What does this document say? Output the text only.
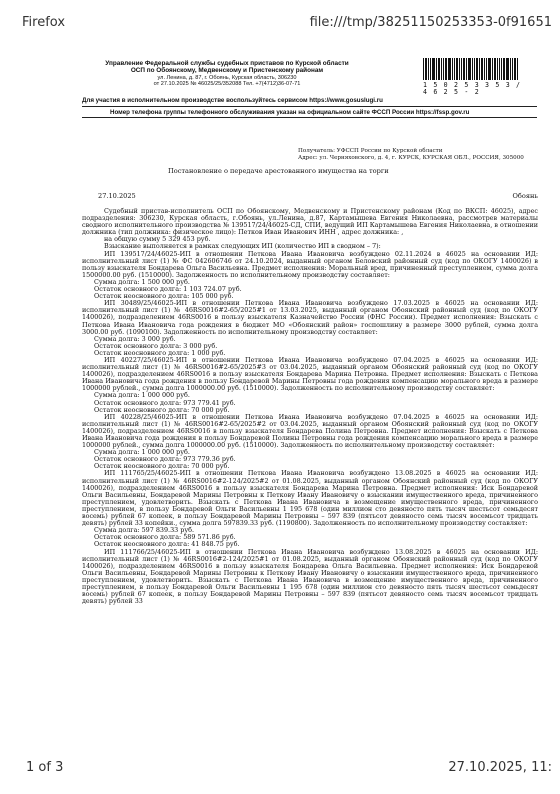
Firefox	file:///tmp/38251150253353-0f91651
Управление Федеральной службы судебных приставов по Курской области
ОСП по Обоянскому, Медвенскому и Пристенскому районам
ул. Ленина, д. 87, г. Обоянь, Курская область, 306230
от 27.10.2025 № 46025/25/352088 Тел. +7(4712)36-07-71	1 5 0 2 5 3 3 5 3 / 4 6 2 5 - 2
Для участия в исполнительном производстве воспользуйтесь сервисом https://www.gosuslugi.ru
Номер телефона группы телефонного обслуживания указан на официальном сайте ФССП России https://fssp.gov.ru
Получатель: УФССП России по Курской области
Адрес: ул. Черняховского, д. 4, г. КУРСК, КУРСКАЯ ОБЛ., РОССИЯ, 305000
Постановление о передаче арестованного имущества на торги
27.10.2025	Обоянь

Судебный пристав-исполнитель ОСП по Обоянскому, Медвенскому и Пристенскому районам (Код по ВКСП: 46025), адрес подразделения: 306230, Курская область, г.Обоянь, ул.Ленина, д.87, Картамышева Евгения Николаевна, рассмотрев материалы сводного исполнительного производства № 139517/24/46025-СД, СПИ, ведущий ИП Картамышева Евгения Николаевна, в отношении должника (тип должника: физическое лицо): Петков Иван Иванович ИНН , адрес должника: ,

на общую сумму 5 329 453 руб.

Взыскание выполняется в рамках следующих ИП (количество ИП в сводном – 7):

ИП 139517/24/46025-ИП в отношении Петкова Ивана Ивановича возбуждено 02.11.2024 в 46025 на основании ИД: исполнительный лист (1) № ФС 042606746 от 24.10.2024, выданный органом Беловский районный суд (код по ОКОГУ 1400026) в пользу взыскателя Бондарева Ольга Васильевна. Предмет исполнения: Моральный вред, причиненный преступлением, сумма долга 1500000.00 руб. (1510000). Задолженность по исполнительному производству составляет:

Сумма долга: 1 500 000 руб.

Остаток основного долга: 1 103 724.07 руб.

Остаток неосновного долга: 105 000 руб.

ИП 30489/25/46025-ИП в отношении Петкова Ивана Ивановича возбуждено 17.03.2025 в 46025 на основании ИД: исполнительный лист (1) № 46RS0016#2-65/2025#1 от 13.03.2025, выданный органом Обоянский районный суд (код по ОКОГУ 1400026), подразделением 46RS0016 в пользу взыскателя Казначейство России (ФНС России). Предмет исполнения: Взыскать с Петкова Ивана Ивановича года рождения в бюджет МО «Обоянский район» госпошлину в размере 3000 рублей, сумма долга 3000.00 руб. (1090100). Задолженность по исполнительному производству составляет:

Сумма долга: 3 000 руб.

Остаток основного долга: 3 000 руб.

Остаток неосновного долга: 1 000 руб.

ИП 40227/25/46025-ИП в отношении Петкова Ивана Ивановича возбуждено 07.04.2025 в 46025 на основании ИД: исполнительный лист (1) № 46RS0016#2-65/2025#3 от 03.04.2025, выданный органом Обоянский районный суд (код по ОКОГУ 1400026), подразделением 46RS0016 в пользу взыскателя Бондарева Марина Петровна. Предмет исполнения: Взыскать с Петкова Ивана Ивановича года рождения в пользу Бондаревой Марины Петровны года рождения компенсацию морального вреда в размере 1000000 рублей., сумма долга 1000000.00 руб. (1510000). Задолженность по исполнительному производству составляет:

Сумма долга: 1 000 000 руб.

Остаток основного долга: 973 779.41 руб.

Остаток неосновного долга: 70 000 руб.

ИП 40228/25/46025-ИП в отношении Петкова Ивана Ивановича возбуждено 07.04.2025 в 46025 на основании ИД: исполнительный лист (1) № 46RS0016#2-65/2025#2 от 03.04.2025, выданный органом Обоянский районный суд (код по ОКОГУ 1400026), подразделением 46RS0016 в пользу взыскателя Бондарева Полина Петровна. Предмет исполнения: Взыскать с Петкова Ивана Ивановича года рождения в пользу Бондаревой Полины Петровны года рождения компенсацию морального вреда в размере 1000000 рублей., сумма долга 1000000.00 руб. (1510000). Задолженность по исполнительному производству составляет:

Сумма долга: 1 000 000 руб.

Остаток основного долга: 973 779.36 руб.

Остаток неосновного долга: 70 000 руб.

ИП 111765/25/46025-ИП в отношении Петкова Ивана Ивановича возбуждено 13.08.2025 в 46025 на основании ИД: исполнительный лист (1) № 46RS0016#2-124/2025#2 от 01.08.2025, выданный органом Обоянский районный суд (код по ОКОГУ 1400026), подразделением 46RS0016 в пользу взыскателя Бондарева Марина Петровна. Предмет исполнения: Иск Бондаревой Ольги Васильевны, Бондаревой Марины Петровны к Петкову Ивану Ивановичу о взыскании имущественного вреда, причиненного преступлением, удовлетворить. Взыскать с Петкова Ивана Ивановича в возмещение имущественного вреда, причиненного преступлением, в пользу Бондаревой Ольги Васильевны 1 195 678 (один миллион сто девяносто пять тысяч шестьсот семьдесят восемь) рублей 67 копеек, в пользу Бондаревой Марины Петровны – 597 839 (пятьсот девяносто семь тысяч восемьсот тридцать девять) рублей 33 копейки., сумма долга 597839.33 руб. (1190800). Задолженность по исполнительному производству составляет:

Сумма долга: 597 839.33 руб.

Остаток основного долга: 589 571.86 руб.

Остаток неосновного долга: 41 848.75 руб.

ИП 111766/25/46025-ИП в отношении Петкова Ивана Ивановича возбуждено 13.08.2025 в 46025 на основании ИД: исполнительный лист (1) № 46RS0016#2-124/2025#1 от 01.08.2025, выданный органом Обоянский районный суд (код по ОКОГУ 1400026), подразделением 46RS0016 в пользу взыскателя Бондарева Ольга Васильевна. Предмет исполнения: Иск Бондаревой Ольги Васильевны, Бондаревой Марины Петровны к Петкову Ивану Ивановичу о взыскании имущественного вреда, причиненного преступлением, удовлетворить. Взыскать с Петкова Ивана Ивановича в возмещение имущественного вреда, причиненного преступлением, в пользу Бондаревой Ольги Васильевны 1 195 678 (один миллион сто девяносто пять тысяч шестьсот семьдесят восемь) рублей 67 копеек, в пользу Бондаревой Марины Петровны – 597 839 (пятьсот девяносто семь тысяч восемьсот тридцать девять) рублей 33

1 of 3	27.10.2025, 11:
